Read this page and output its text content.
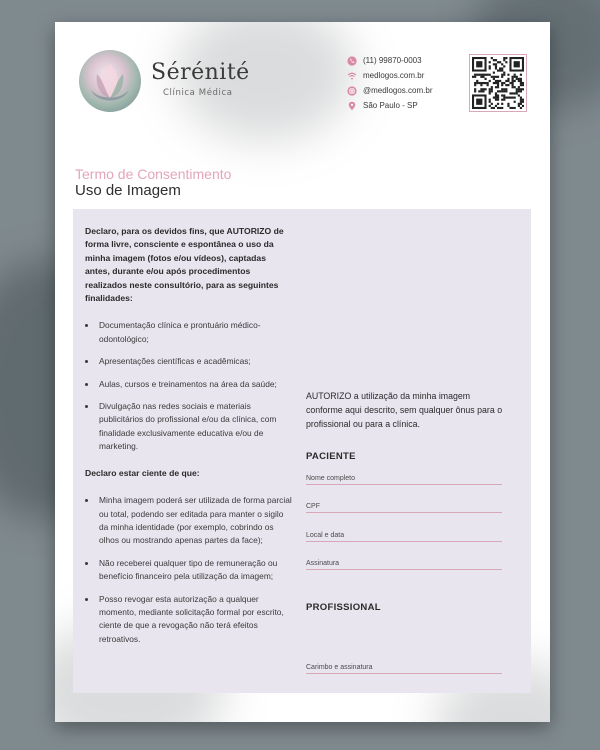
Sérénité
Clínica Médica
(11) 99870-0003
medlogos.com.br
@medlogos.com.br
São Paulo - SP
Termo de Consentimento
Uso de Imagem

Declaro, para os devidos fins, que AUTORIZO de forma livre, consciente e espontânea o uso da minha imagem (fotos e/ou vídeos), captadas antes, durante e/ou após procedimentos realizados neste consultório, para as seguintes finalidades:

Documentação clínica e prontuário médico-odontológico;
Apresentações científicas e acadêmicas;
Aulas, cursos e treinamentos na área da saúde;
Divulgação nas redes sociais e materiais publicitários do profissional e/ou da clínica, com finalidade exclusivamente educativa e/ou de marketing.

Declaro estar ciente de que:

Minha imagem poderá ser utilizada de forma parcial ou total, podendo ser editada para manter o sigilo da minha identidade (por exemplo, cobrindo os olhos ou mostrando apenas partes da face);
Não receberei qualquer tipo de remuneração ou benefício financeiro pela utilização da imagem;
Posso revogar esta autorização a qualquer momento, mediante solicitação formal por escrito, ciente de que a revogação não terá efeitos retroativos.

AUTORIZO a utilização da minha imagem conforme aqui descrito, sem qualquer ônus para o profissional ou para a clínica.

PACIENTE
Nome completo
CPF
Local e data
Assinatura
PROFISSIONAL
Carimbo e assinatura
